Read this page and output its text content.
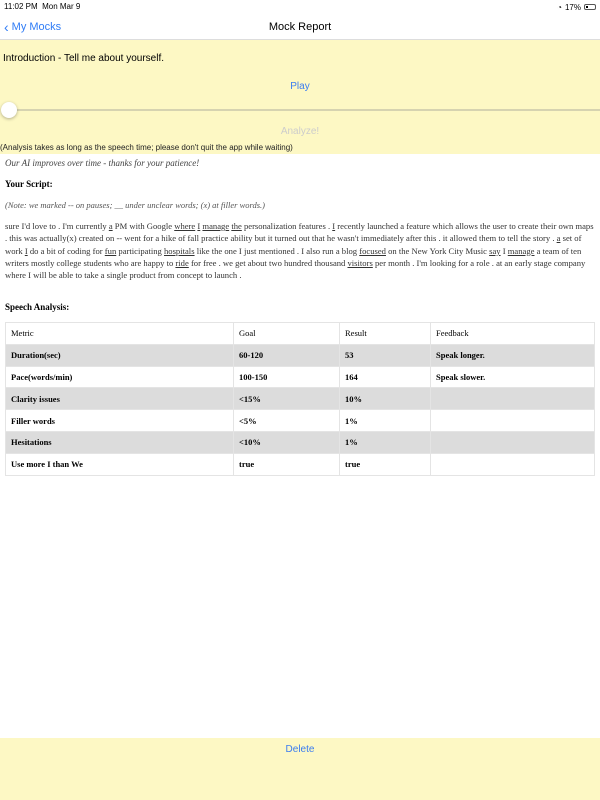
11:02 PM Mon Mar 9	◔ 17%
‹ My Mocks	Mock Report
Introduction - Tell me about yourself.
Play
Analyze!
(Analysis takes as long as the speech time; please don't quit the app while waiting)
Our AI improves over time - thanks for your patience!
Your Script:
(Note: we marked -- on pauses; __ under unclear words; (x) at filler words.)
sure I'd love to . I'm currently a PM with Google where I manage the personalization features . I recently launched a feature which allows the user to create their own maps . this was actually(x) created on -- went for a hike of fall practice ability but it turned out that he wasn't immediately after this . it allowed them to tell the story . a set of work I do a bit of coding for fun participating hospitals like the one I just mentioned . I also run a blog focused on the New York City Music say I manage a team of ten writers mostly college students who are happy to ride for free . we get about two hundred thousand visitors per month . I'm looking for a role . at an early stage company where I will be able to take a single product from concept to launch .
Speech Analysis:
Metric	Goal	Result	Feedback
Duration(sec)	60-120	53	Speak longer.
Pace(words/min)	100-150	164	Speak slower.
Clarity issues	<15%	10%	
Filler words	<5%	1%	
Hesitations	<10%	1%	
Use more I than We	true	true	
Delete
